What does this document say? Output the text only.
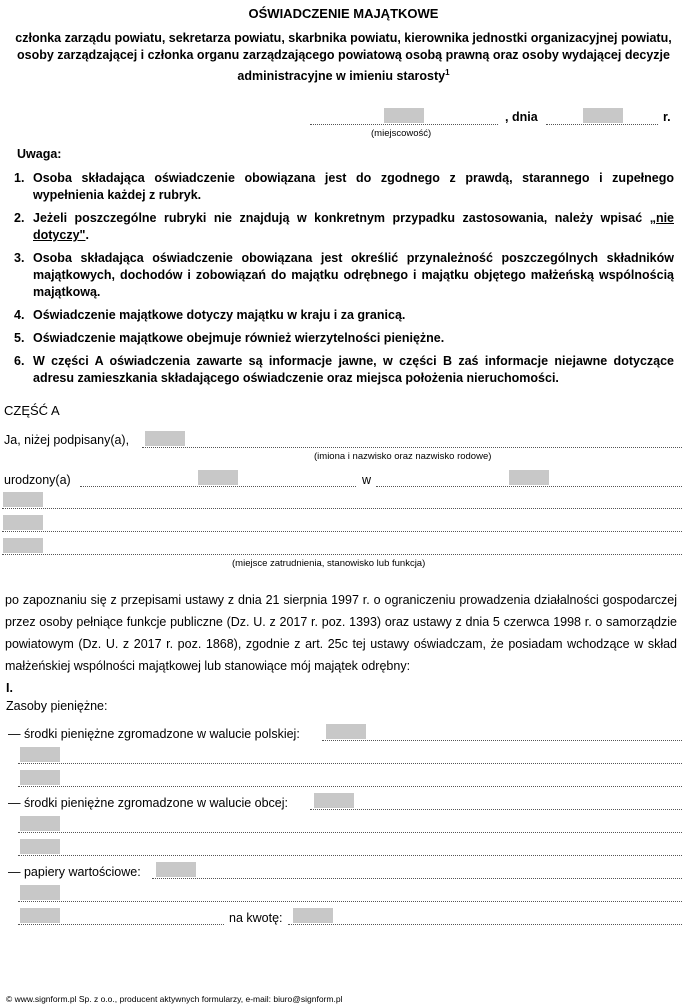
OŚWIADCZENIE MAJĄTKOWE
członka zarządu powiatu, sekretarza powiatu, skarbnika powiatu, kierownika jednostki organizacyjnej powiatu, osoby zarządzającej i członka organu zarządzającego powiatową osobą prawną oraz osoby wydającej decyzje administracyjne w imieniu starosty$^1$
, dnia	r.
(miejscowość)
Uwaga:
1. Osoba składająca oświadczenie obowiązana jest do zgodnego z prawdą, starannego i zupełnego wypełnienia każdej z rubryk.
2. Jeżeli poszczególne rubryki nie znajdują w konkretnym przypadku zastosowania, należy wpisać „nie dotyczy".
3. Osoba składająca oświadczenie obowiązana jest określić przynależność poszczególnych składników majątkowych, dochodów i zobowiązań do majątku odrębnego i majątku objętego małżeńską wspólnością majątkową.
4. Oświadczenie majątkowe dotyczy majątku w kraju i za granicą.
5. Oświadczenie majątkowe obejmuje również wierzytelności pieniężne.
6. W części A oświadczenia zawarte są informacje jawne, w części B zaś informacje niejawne dotyczące adresu zamieszkania składającego oświadczenie oraz miejsca położenia nieruchomości.
CZĘŚĆ A
Ja, niżej podpisany(a),
(imiona i nazwisko oraz nazwisko rodowe)
urodzony(a)	w
(miejsce zatrudnienia, stanowisko lub funkcja)
po zapoznaniu się z przepisami ustawy z dnia 21 sierpnia 1997 r. o ograniczeniu prowadzenia działalności gospodarczej przez osoby pełniące funkcje publiczne (Dz. U. z 2017 r. poz. 1393) oraz ustawy z dnia 5 czerwca 1998 r. o samorządzie powiatowym (Dz. U. z 2017 r. poz. 1868), zgodnie z art. 25c tej ustawy oświadczam, że posiadam wchodzące w skład małżeńskiej wspólności majątkowej lub stanowiące mój majątek odrębny:
I.
Zasoby pieniężne:
— środki pieniężne zgromadzone w walucie polskiej:
— środki pieniężne zgromadzone w walucie obcej:
— papiery wartościowe:
na kwotę:
© www.signform.pl Sp. z o.o., producent aktywnych formularzy, e-mail: biuro@signform.pl
